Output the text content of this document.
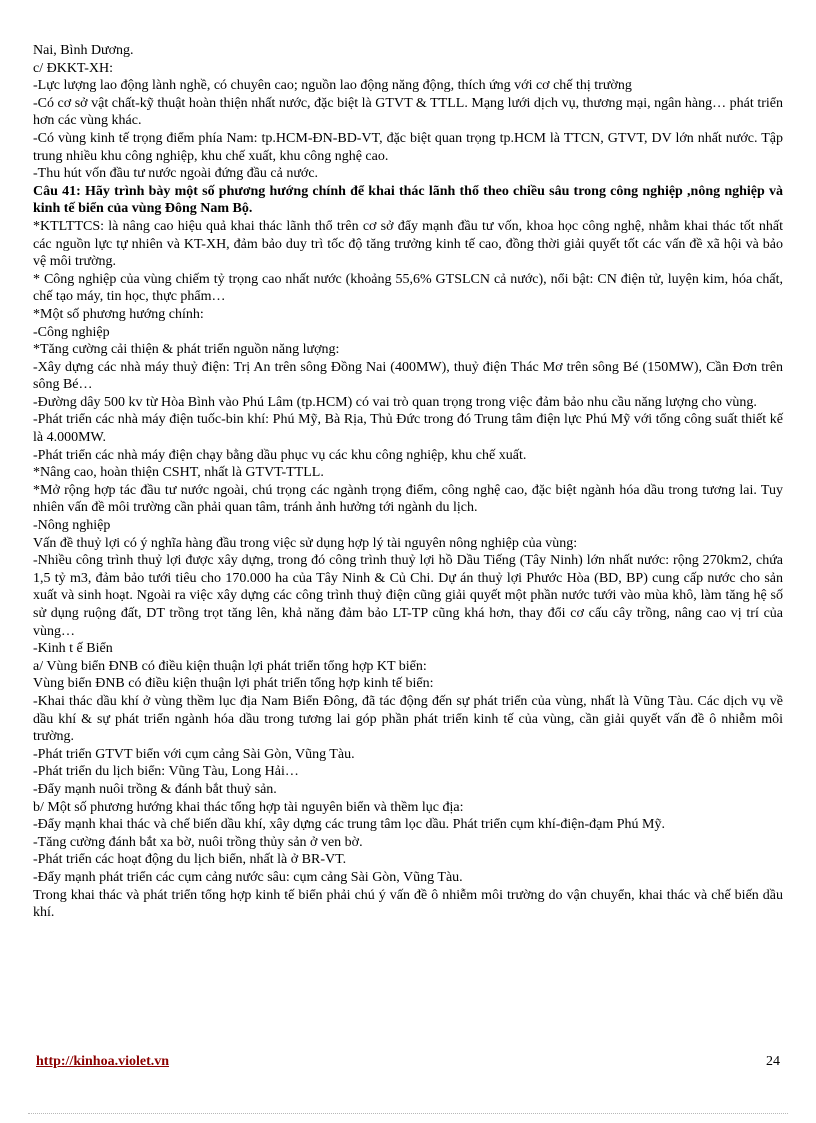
Nai, Bình Dương.

c/ ĐKKT-XH:

-Lực lượng lao động lành nghề, có chuyên cao; nguồn lao động năng động, thích ứng với cơ chế thị trường

-Có cơ sở vật chất-kỹ thuật hoàn thiện nhất nước, đặc biệt là GTVT & TTLL. Mạng lưới dịch vụ, thương mại, ngân hàng… phát triển hơn các vùng khác.

-Có vùng kinh tế trọng điểm phía Nam: tp.HCM-ĐN-BD-VT, đặc biệt quan trọng tp.HCM là TTCN, GTVT, DV lớn nhất nước. Tập trung nhiều khu công nghiệp, khu chế xuất, khu công nghệ cao.

-Thu hút vốn đầu tư nước ngoài đứng đầu cả nước.

Câu 41: Hãy trình bày một số phương hướng chính để khai thác lãnh thổ theo chiều sâu trong công nghiệp ,nông nghiệp và kinh tế biển của vùng Đông Nam Bộ.

*KTLTTCS: là nâng cao hiệu quả khai thác lãnh thổ trên cơ sở đẩy mạnh đầu tư vốn, khoa học công nghệ, nhằm khai thác tốt nhất các nguồn lực tự nhiên và KT-XH, đảm bảo duy trì tốc độ tăng trưởng kinh tế cao, đồng thời giải quyết tốt các vấn đề xã hội và bảo vệ môi trường.

* Công nghiệp của vùng chiếm tỷ trọng cao nhất nước (khoảng 55,6% GTSLCN cả nước), nổi bật: CN điện tử, luyện kim, hóa chất, chế tạo máy, tin học, thực phẩm…

*Một số phương hướng chính:

-Công nghiệp

*Tăng cường cải thiện & phát triển nguồn năng lượng:

-Xây dựng các nhà máy thuỷ điện: Trị An trên sông Đồng Nai (400MW), thuỷ điện Thác Mơ trên sông Bé (150MW), Cần Đơn trên sông Bé…

-Đường dây 500 kv từ Hòa Bình vào Phú Lâm (tp.HCM) có vai trò quan trọng trong việc đảm bảo nhu cầu năng lượng cho vùng.

-Phát triển các nhà máy điện tuốc-bin khí: Phú Mỹ, Bà Rịa, Thủ Đức trong đó Trung tâm điện lực Phú Mỹ với tổng công suất thiết kế là 4.000MW.

-Phát triển các nhà máy điện chạy bằng dầu phục vụ các khu công nghiệp, khu chế xuất.

*Nâng cao, hoàn thiện CSHT, nhất là GTVT-TTLL.

*Mở rộng hợp tác đầu tư nước ngoài, chú trọng các ngành trọng điểm, công nghệ cao, đặc biệt ngành hóa dầu trong tương lai. Tuy nhiên vấn đề môi trường cần phải quan tâm, tránh ảnh hưởng tới ngành du lịch.

-Nông nghiệp

Vấn đề thuỷ lợi có ý nghĩa hàng đầu trong việc sử dụng hợp lý tài nguyên nông nghiệp của vùng:

-Nhiều công trình thuỷ lợi được xây dựng, trong đó công trình thuỷ lợi hồ Dầu Tiếng (Tây Ninh) lớn nhất nước: rộng 270km2, chứa 1,5 tỷ m3, đảm bảo tưới tiêu cho 170.000 ha của Tây Ninh & Củ Chi. Dự án thuỷ lợi Phước Hòa (BD, BP) cung cấp nước cho sản xuất và sinh hoạt. Ngoài ra việc xây dựng các công trình thuỷ điện cũng giải quyết một phần nước tưới vào mùa khô, làm tăng hệ số sử dụng ruộng đất, DT trồng trọt tăng lên, khả năng đảm bảo LT-TP cũng khá hơn, thay đổi cơ cấu cây trồng, nâng cao vị trí của vùng…

-Kinh t ế Biển

a/ Vùng biển ĐNB có điều kiện thuận lợi phát triển tổng hợp KT biển:

Vùng biển ĐNB có điều kiện thuận lợi phát triển tổng hợp kinh tế biển:

-Khai thác dầu khí ở vùng thềm lục địa Nam Biển Đông, đã tác động đến sự phát triển của vùng, nhất là Vũng Tàu. Các dịch vụ về dầu khí & sự phát triển ngành hóa dầu trong tương lai góp phần phát triển kinh tế của vùng, cần giải quyết vấn đề ô nhiễm môi trường.

-Phát triển GTVT biển với cụm cảng Sài Gòn, Vũng Tàu.

-Phát triển du lịch biển: Vũng Tàu, Long Hải…

-Đẩy mạnh nuôi trồng & đánh bắt thuỷ sản.

b/ Một số phương hướng khai thác tổng hợp tài nguyên biển và thềm lục địa:

-Đẩy mạnh khai thác và chế biến dầu khí, xây dựng các trung tâm lọc dầu. Phát triển cụm khí-điện-đạm Phú Mỹ.

-Tăng cường đánh bắt xa bờ, nuôi trồng thủy sản ở ven bờ.

-Phát triển các hoạt động du lịch biển, nhất là ở BR-VT.

-Đẩy mạnh phát triển các cụm cảng nước sâu: cụm cảng Sài Gòn, Vũng Tàu.

Trong khai thác và phát triển tổng hợp kinh tế biển phải chú ý vấn đề ô nhiễm môi trường do vận chuyển, khai thác và chế biến dầu khí.

http://kinhoa.violet.vn	24
